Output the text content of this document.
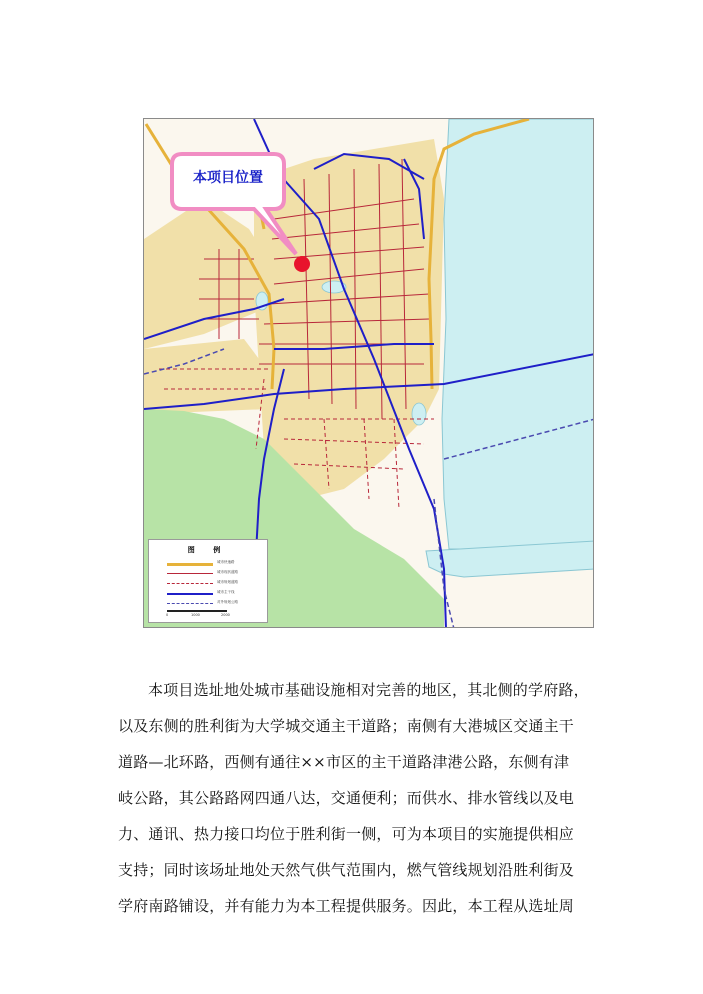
本项目位置
图 例
城市快速路
城市现状道路
城市规划道路
城市主干线
对外规划公路
0	1000	2000
本项目选址地处城市基础设施相对完善的地区，其北侧的学府路，
以及东侧的胜利街为大学城交通主干道路；南侧有大港城区交通主干
道路—北环路，西侧有通往××市区的主干道路津港公路，东侧有津
岐公路，其公路路网四通八达，交通便利；而供水、排水管线以及电
力、通讯、热力接口均位于胜利街一侧，可为本项目的实施提供相应
支持；同时该场址地处天然气供气范围内，燃气管线规划沿胜利街及
学府南路铺设，并有能力为本工程提供服务。因此，本工程从选址周
